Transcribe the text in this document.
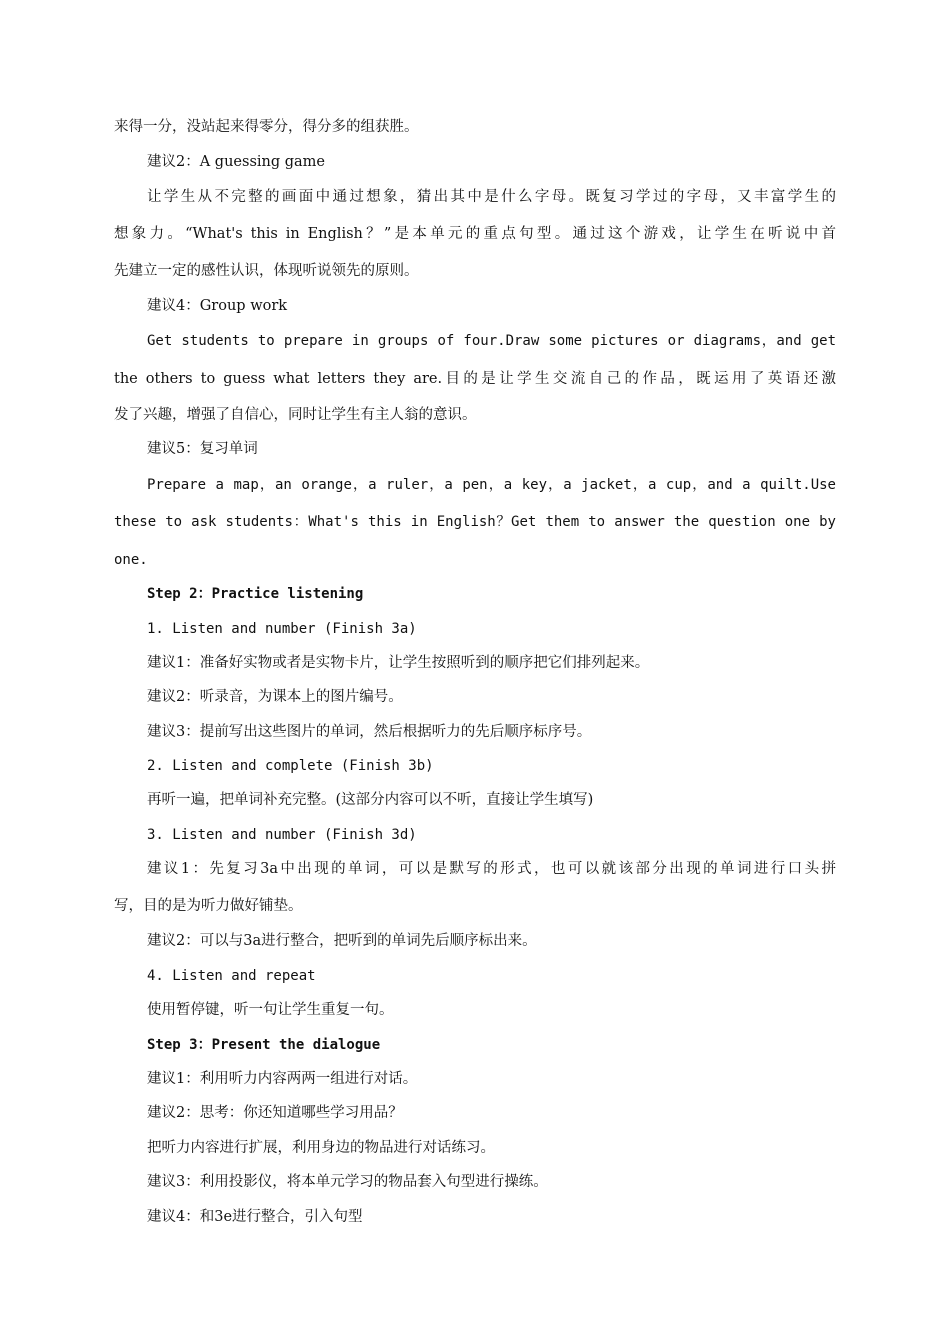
来得一分，没站起来得零分，得分多的组获胜。
建议2：A guessing game
让学生从不完整的画面中通过想象，猜出其中是什么字母。既复习学过的字母，又丰富学生的
想象力。“What's this in English？”是本单元的重点句型。通过这个游戏，让学生在听说中首
先建立一定的感性认识，体现听说领先的原则。
建议4：Group work
Get students to prepare in groups of four.Draw some pictures or diagrams，and get
the others to guess what letters they are.目的是让学生交流自己的作品，既运用了英语还激
发了兴趣，增强了自信心，同时让学生有主人翁的意识。
建议5：复习单词
Prepare a map，an orange，a ruler，a pen，a key，a jacket，a cup，and a quilt.Use
these to ask students：What's this in English？Get them to answer the question one by
one.
Step 2：Practice listening
1. Listen and number (Finish 3a)
建议1：准备好实物或者是实物卡片，让学生按照听到的顺序把它们排列起来。
建议2：听录音，为课本上的图片编号。
建议3：提前写出这些图片的单词，然后根据听力的先后顺序标序号。
2. Listen and complete (Finish 3b)
再听一遍，把单词补充完整。(这部分内容可以不听，直接让学生填写)
3. Listen and number (Finish 3d)
建议1：先复习3a中出现的单词，可以是默写的形式，也可以就该部分出现的单词进行口头拼
写，目的是为听力做好铺垫。
建议2：可以与3a进行整合，把听到的单词先后顺序标出来。
4. Listen and repeat
使用暂停键，听一句让学生重复一句。
Step 3：Present the dialogue
建议1：利用听力内容两两一组进行对话。
建议2：思考：你还知道哪些学习用品？
把听力内容进行扩展，利用身边的物品进行对话练习。
建议3：利用投影仪，将本单元学习的物品套入句型进行操练。
建议4：和3e进行整合，引入句型
